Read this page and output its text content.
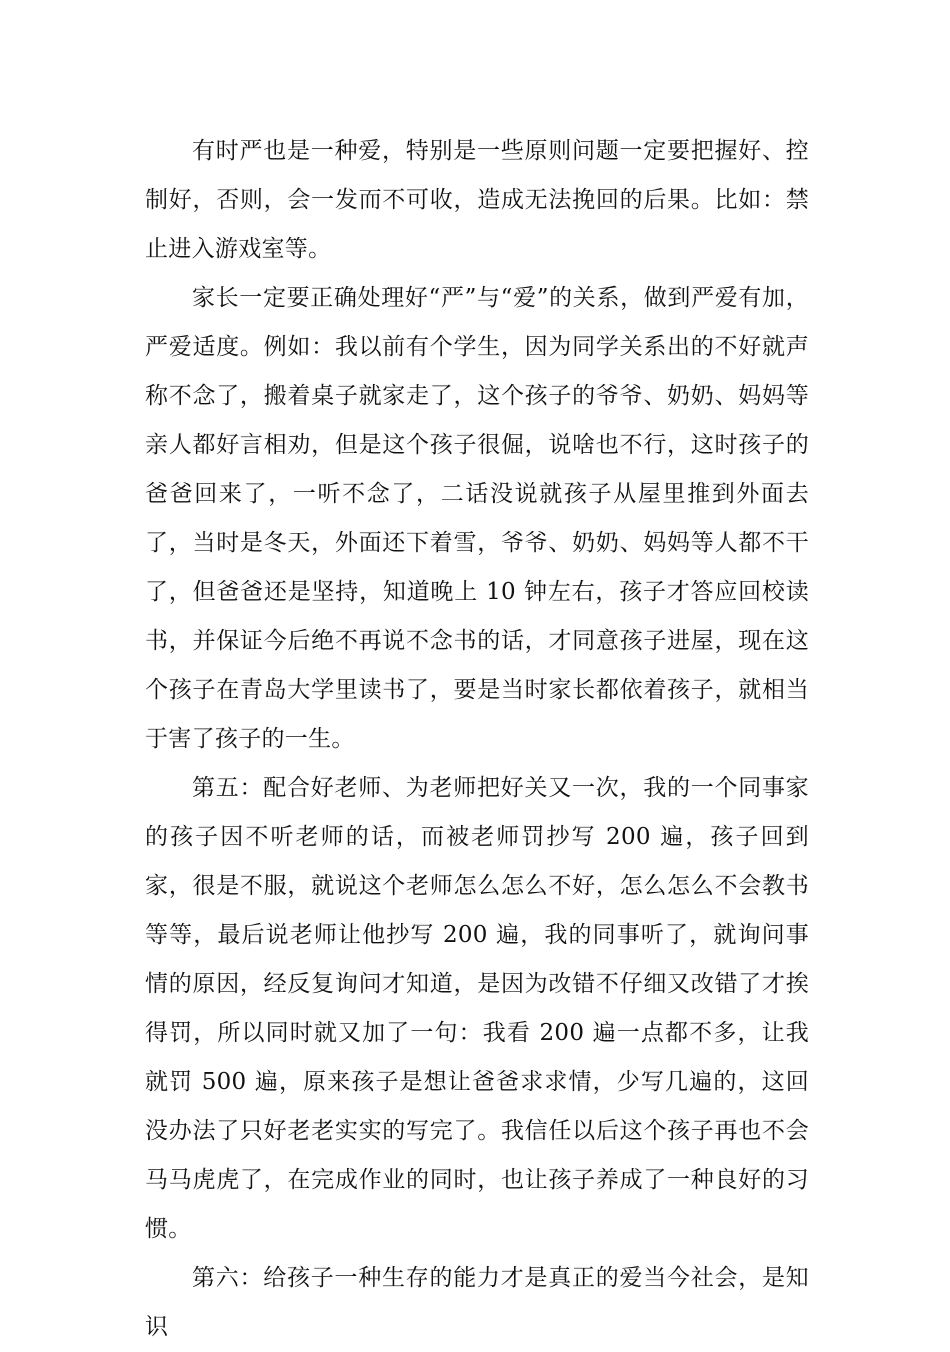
有时严也是一种爱，特别是一些原则问题一定要把握好、控制好，否则，会一发而不可收，造成无法挽回的后果。比如：禁止进入游戏室等。

家长一定要正确处理好“严”与“爱”的关系，做到严爱有加，严爱适度。例如：我以前有个学生，因为同学关系出的不好就声称不念了，搬着桌子就家走了，这个孩子的爷爷、奶奶、妈妈等亲人都好言相劝，但是这个孩子很倔，说啥也不行，这时孩子的爸爸回来了，一听不念了，二话没说就孩子从屋里推到外面去了，当时是冬天，外面还下着雪，爷爷、奶奶、妈妈等人都不干了，但爸爸还是坚持，知道晚上 10 钟左右，孩子才答应回校读书，并保证今后绝不再说不念书的话，才同意孩子进屋，现在这个孩子在青岛大学里读书了，要是当时家长都依着孩子，就相当于害了孩子的一生。

第五：配合好老师、为老师把好关又一次，我的一个同事家的孩子因不听老师的话，而被老师罚抄写 200 遍，孩子回到家，很是不服，就说这个老师怎么怎么不好，怎么怎么不会教书等等，最后说老师让他抄写 200 遍，我的同事听了，就询问事情的原因，经反复询问才知道，是因为改错不仔细又改错了才挨得罚，所以同时就又加了一句：我看 200 遍一点都不多，让我就罚 500 遍，原来孩子是想让爸爸求求情，少写几遍的，这回没办法了只好老老实实的写完了。我信任以后这个孩子再也不会马马虎虎了，在完成作业的同时，也让孩子养成了一种良好的习惯。

第六：给孩子一种生存的能力才是真正的爱当今社会，是知识
